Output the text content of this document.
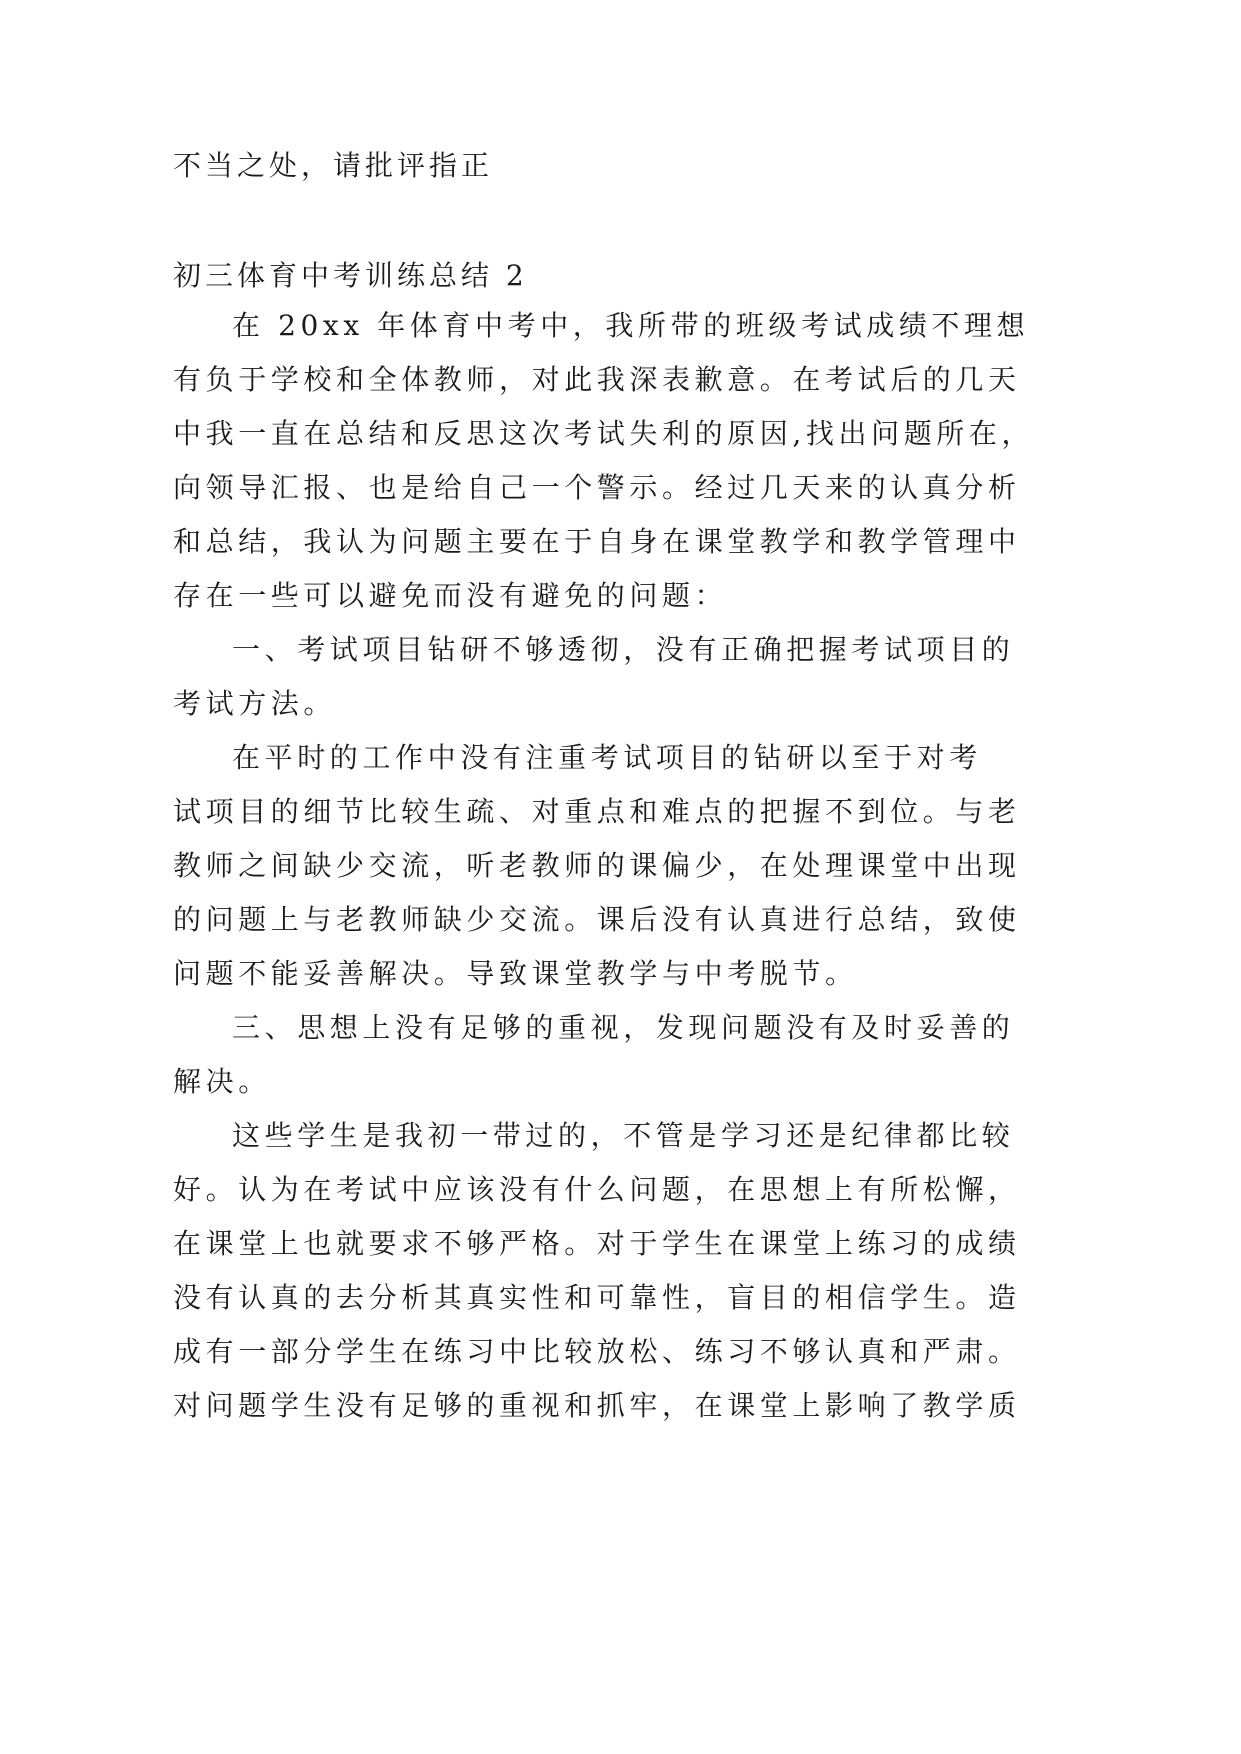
不当之处，请批评指正

初三体育中考训练总结 2

在 20xx 年体育中考中，我所带的班级考试成绩不理想

有负于学校和全体教师，对此我深表歉意。在考试后的几天

中我一直在总结和反思这次考试失利的原因,找出问题所在，

向领导汇报、也是给自己一个警示。经过几天来的认真分析

和总结，我认为问题主要在于自身在课堂教学和教学管理中

存在一些可以避免而没有避免的问题：

一、考试项目钻研不够透彻，没有正确把握考试项目的

考试方法。

在平时的工作中没有注重考试项目的钻研以至于对考

试项目的细节比较生疏、对重点和难点的把握不到位。与老

教师之间缺少交流，听老教师的课偏少，在处理课堂中出现

的问题上与老教师缺少交流。课后没有认真进行总结，致使

问题不能妥善解决。导致课堂教学与中考脱节。

三、思想上没有足够的重视，发现问题没有及时妥善的

解决。

这些学生是我初一带过的，不管是学习还是纪律都比较

好。认为在考试中应该没有什么问题，在思想上有所松懈，

在课堂上也就要求不够严格。对于学生在课堂上练习的成绩

没有认真的去分析其真实性和可靠性，盲目的相信学生。造

成有一部分学生在练习中比较放松、练习不够认真和严肃。

对问题学生没有足够的重视和抓牢，在课堂上影响了教学质
